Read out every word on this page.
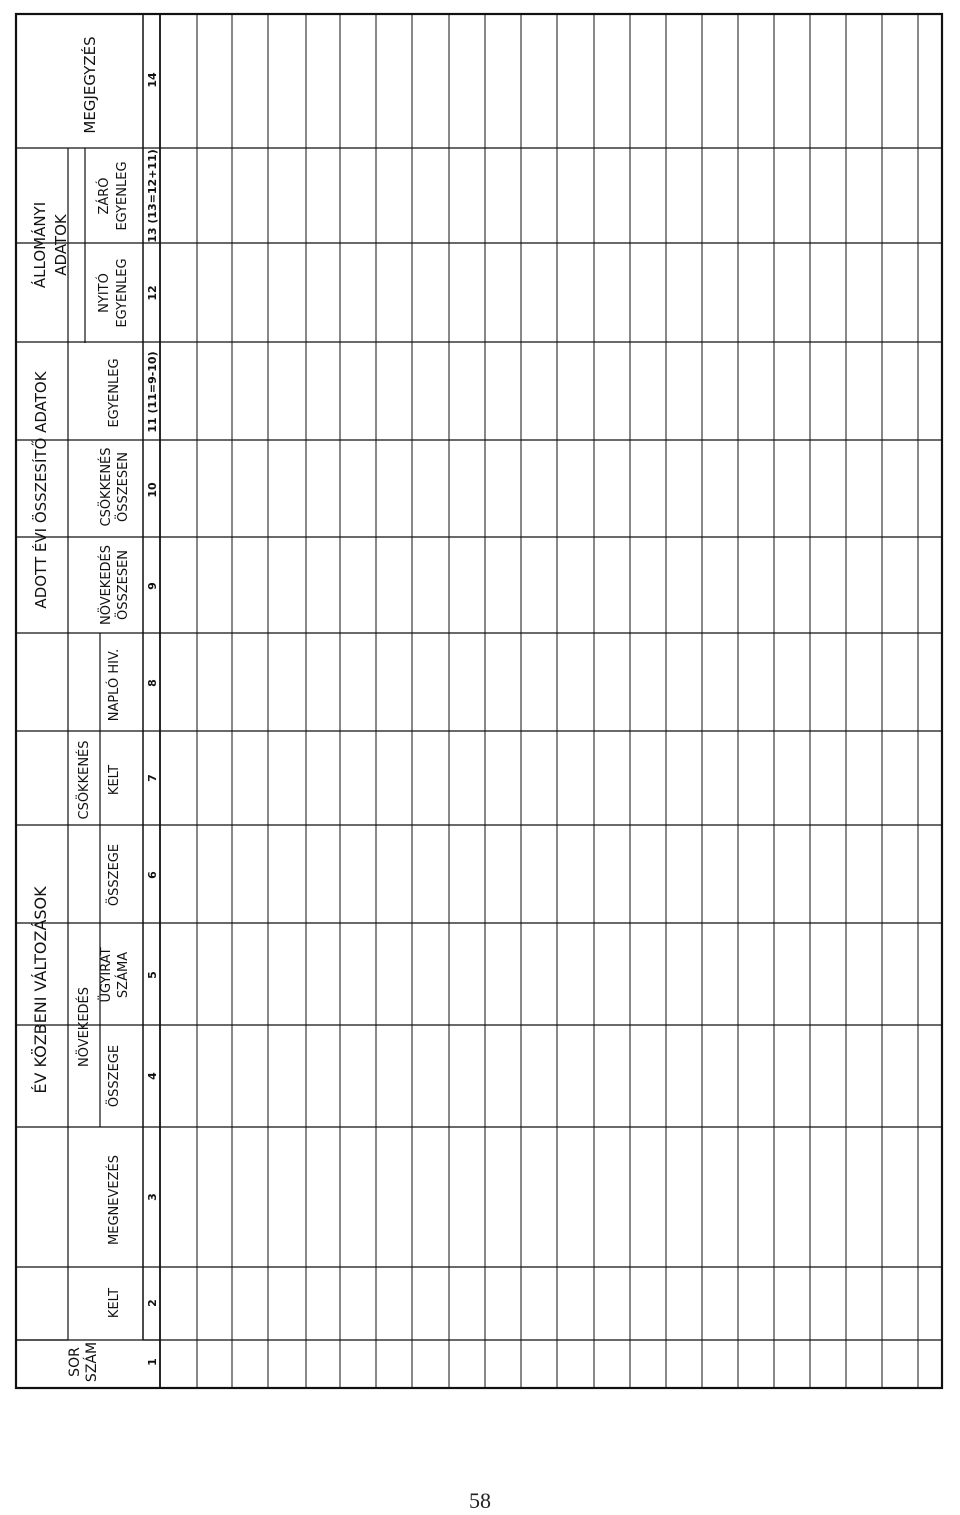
SOR SZÁM
ÉV KÖZBENI VÁLTOZÁSOK
ADOTT ÉVI ÖSSZESÍTŐ ADATOK
ÁLLOMÁNYI ADATOK
MEGJEGYZÉS
NÖVEKEDÉS
CSÖKKENÉS
KELT
MEGNEVEZÉS
ÖSSZEGE
ÜGYIRAT SZÁMA
ÖSSZEGE
KELT
NAPLÓ HIV.
NÖVEKEDÉS ÖSSZESEN
CSÖKKENÉS ÖSSZESEN
EGYENLEG
NYITÓ EGYENLEG
ZÁRÓ EGYENLEG
1
2
3
4
5
6
7
8
9
10
11 (11=9-10)
12
13 (13=12+11)
14
58
